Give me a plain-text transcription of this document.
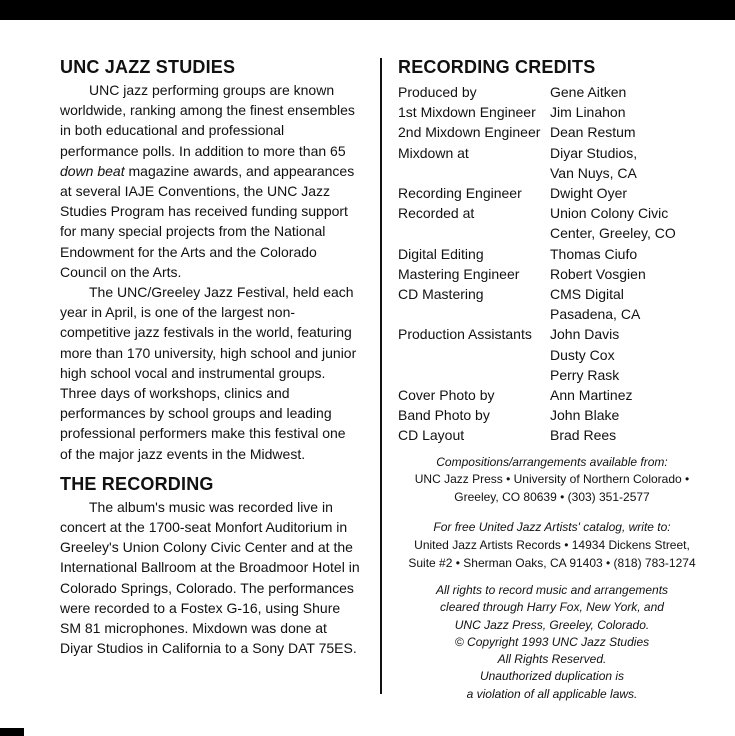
UNC JAZZ STUDIES

UNC jazz performing groups are known worldwide, ranking among the finest ensembles in both educational and professional performance polls. In addition to more than 65 down beat magazine awards, and appearances at several IAJE Conventions, the UNC Jazz Studies Program has received funding support for many special projects from the National Endowment for the Arts and the Colorado Council on the Arts.

The UNC/Greeley Jazz Festival, held each year in April, is one of the largest non-competitive jazz festivals in the world, featuring more than 170 university, high school and junior high school vocal and instrumental groups. Three days of workshops, clinics and performances by school groups and leading professional performers make this festival one of the major jazz events in the Midwest.

THE RECORDING

The album's music was recorded live in concert at the 1700-seat Monfort Auditorium in Greeley's Union Colony Civic Center and at the International Ballroom at the Broadmoor Hotel in Colorado Springs, Colorado. The performances were recorded to a Fostex G-16, using Shure SM 81 microphones. Mixdown was done at Diyar Studios in California to a Sony DAT 75ES.

RECORDING CREDITS
Produced by	Gene Aitken
1st Mixdown Engineer	Jim Linahon
2nd Mixdown Engineer Dean Restum
Mixdown at	Diyar Studios,
Van Nuys, CA
Recording Engineer	Dwight Oyer
Recorded at	Union Colony Civic
Center, Greeley, CO
Digital Editing	Thomas Ciufo
Mastering Engineer	Robert Vosgien
CD Mastering	CMS Digital
Pasadena, CA
Production Assistants	John Davis
Dusty Cox
Perry Rask
Cover Photo by	Ann Martinez
Band Photo by	John Blake
CD Layout	Brad Rees
Compositions/arrangements available from:
UNC Jazz Press • University of Northern Colorado •
Greeley, CO 80639 • (303) 351-2577
For free United Jazz Artists' catalog, write to:
United Jazz Artists Records • 14934 Dickens Street,
Suite #2 • Sherman Oaks, CA 91403 • (818) 783-1274
All rights to record music and arrangements
cleared through Harry Fox, New York, and
UNC Jazz Press, Greeley, Colorado.
© Copyright 1993 UNC Jazz Studies
All Rights Reserved.
Unauthorized duplication is
a violation of all applicable laws.
